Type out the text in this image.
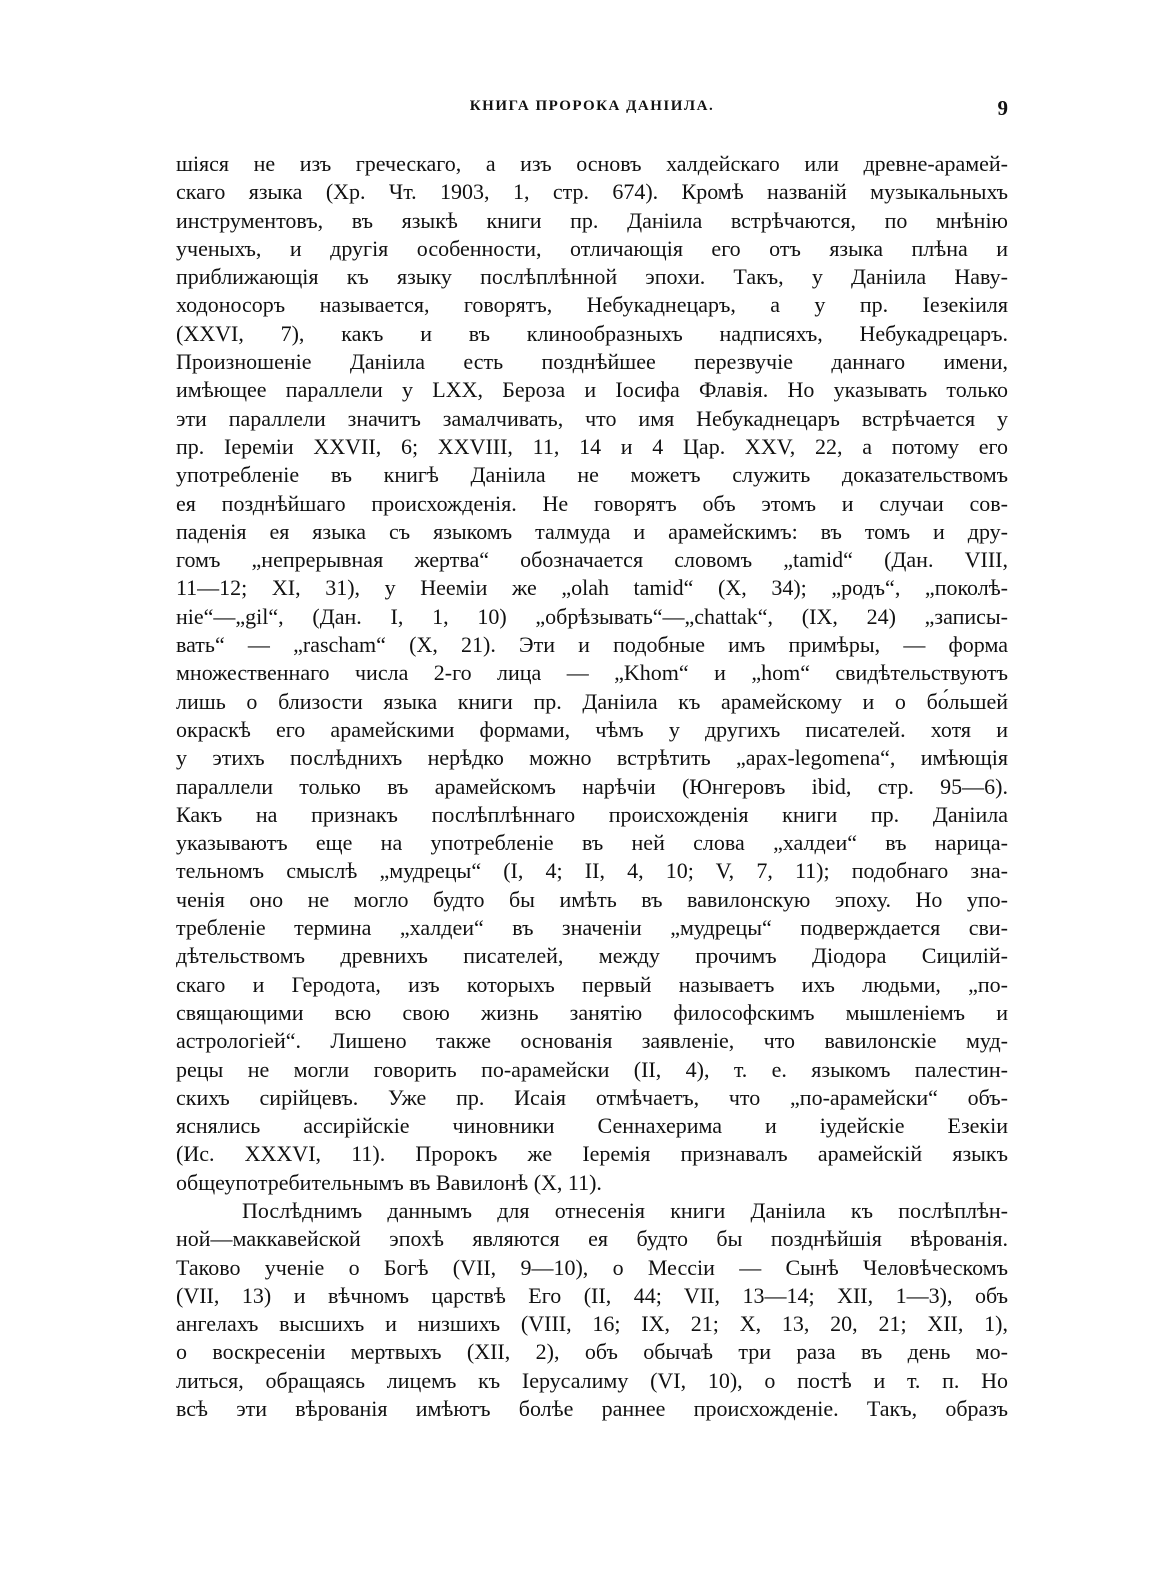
КНИГА ПРОРОКА ДАНІИЛА.	9
шіяся не изъ греческаго, а изъ основъ халдейскаго или древне-арамей-
скаго языка (Хр. Чт. 1903, 1, стр. 674). Кромѣ названій музыкальныхъ
инструментовъ, въ языкѣ книги пр. Даніила встрѣчаются, по мнѣнію
ученыхъ, и другія особенности, отличающія его отъ языка плѣна и
приближающія къ языку послѣплѣнной эпохи. Такъ, у Даніила Наву-
ходоносоръ называется, говорятъ, Небукаднецаръ, а у пр. Іезекіиля
(XXVI, 7), какъ и въ клинообразныхъ надписяхъ, Небукадрецаръ.
Произношеніе Даніила есть позднѣйшее перезвучіе даннаго имени,
имѣющее параллели у LXX, Бероза и Іосифа Флавія. Но указывать только
эти параллели значитъ замалчивать, что имя Небукаднецаръ встрѣчается у
пр. Іереміи XXVII, 6; XXVIII, 11, 14 и 4 Цар. XXV, 22, а потому его
употребленіе въ книгѣ Даніила не можетъ служить доказательствомъ
ея позднѣйшаго происхожденія. Не говорятъ объ этомъ и случаи сов-
паденія ея языка съ языкомъ талмуда и арамейскимъ: въ томъ и дру-
гомъ „непрерывная жертва“ обозначается словомъ „tamid“ (Дан. VIII,
11—12; XI, 31), у Нееміи же „olah tamid“ (X, 34); „родъ“, „поколѣ-
ніе“—„gil“, (Дан. I, 1, 10) „обрѣзывать“—„chattak“, (IX, 24) „записы-
вать“ — „rascham“ (X, 21). Эти и подобные имъ примѣры, — форма
множественнаго числа 2-го лица — „Khom“ и „hom“ свидѣтельствуютъ
лишь о близости языка книги пр. Даніила къ арамейскому и о бо́льшей
окраскѣ его арамейскими формами, чѣмъ у другихъ писателей. хотя и
у этихъ послѣднихъ нерѣдко можно встрѣтить „apax-legomena“, имѣющія
параллели только въ арамейскомъ нарѣчіи (Юнгеровъ ibid, стр. 95—6).
Какъ на признакъ послѣплѣннаго происхожденія книги пр. Даніила
указываютъ еще на употребленіе въ ней слова „халдеи“ въ нарица-
тельномъ смыслѣ „мудрецы“ (I, 4; II, 4, 10; V, 7, 11); подобнаго зна-
ченія оно не могло будто бы имѣть въ вавилонскую эпоху. Но упо-
требленіе термина „халдеи“ въ значеніи „мудрецы“ подверждается сви-
дѣтельствомъ древнихъ писателей, между прочимъ Діодора Сицилій-
скаго и Геродота, изъ которыхъ первый называетъ ихъ людьми, „по-
свящающими всю свою жизнь занятію философскимъ мышленіемъ и
астрологіей“. Лишено также основанія заявленіе, что вавилонскіе муд-
рецы не могли говорить по-арамейски (II, 4), т. е. языкомъ палестин-
скихъ сирійцевъ. Уже пр. Исаія отмѣчаетъ, что „по-арамейски“ объ-
яснялись ассирійскіе чиновники Сеннахерима и іудейскіе Езекіи
(Ис. XXXVI, 11). Пророкъ же Іеремія признавалъ арамейскій языкъ
общеупотребительнымъ въ Вавилонѣ (X, 11).
Послѣднимъ даннымъ для отнесенія книги Даніила къ послѣплѣн-
ной—маккавейской эпохѣ являются ея будто бы позднѣйшія вѣрованія.
Таково ученіе о Богѣ (VII, 9—10), о Мессіи — Сынѣ Человѣческомъ
(VII, 13) и вѣчномъ царствѣ Его (II, 44; VII, 13—14; XII, 1—3), объ
ангелахъ высшихъ и низшихъ (VIII, 16; IX, 21; X, 13, 20, 21; XII, 1),
о воскресеніи мертвыхъ (XII, 2), объ обычаѣ три раза въ день мо-
литься, обращаясь лицемъ къ Іерусалиму (VI, 10), о постѣ и т. п. Но
всѣ эти вѣрованія имѣютъ болѣе раннее происхожденіе. Такъ, образъ
